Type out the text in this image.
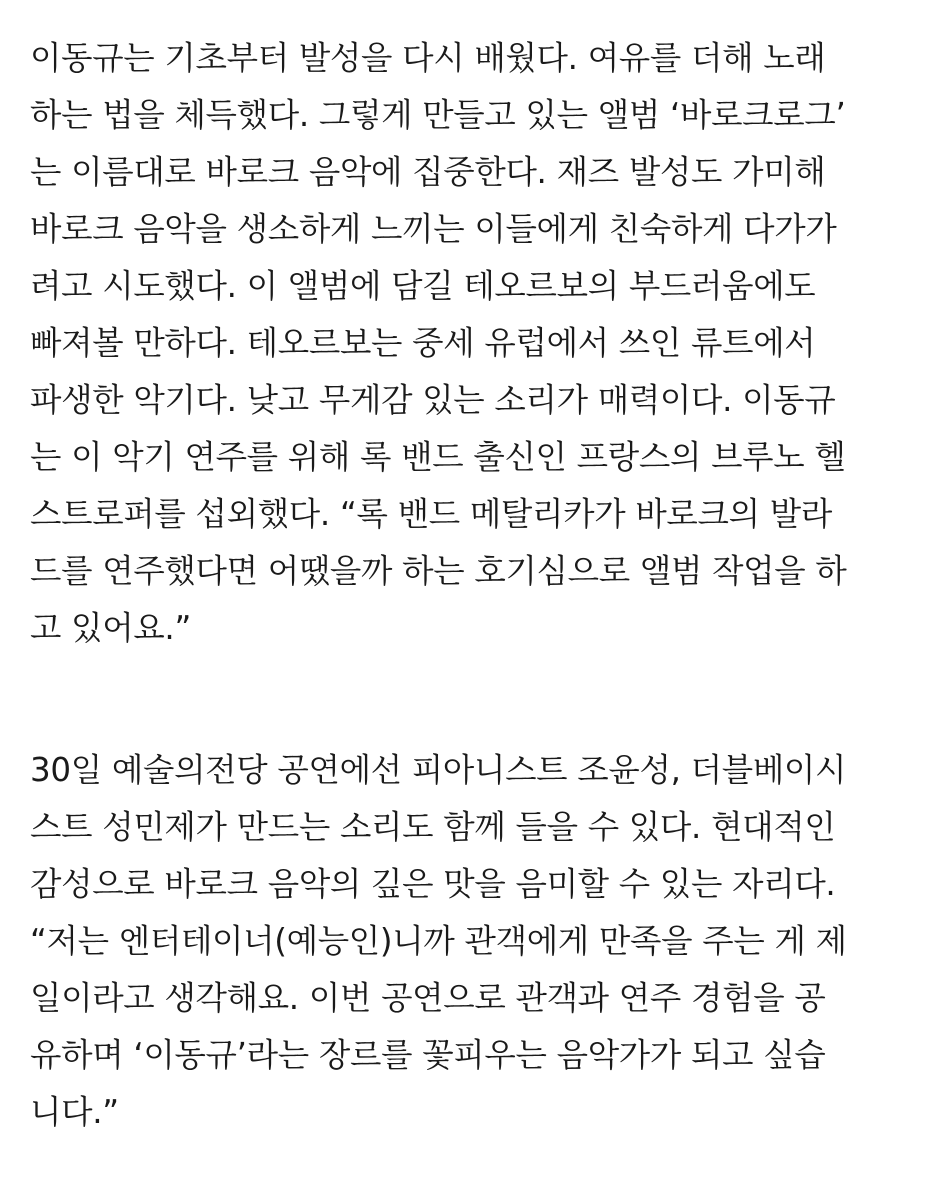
이동규는 기초부터 발성을 다시 배웠다. 여유를 더해 노래
하는 법을 체득했다. 그렇게 만들고 있는 앨범 ‘바로크로그’
는 이름대로 바로크 음악에 집중한다. 재즈 발성도 가미해
바로크 음악을 생소하게 느끼는 이들에게 친숙하게 다가가
려고 시도했다. 이 앨범에 담길 테오르보의 부드러움에도
빠져볼 만하다. 테오르보는 중세 유럽에서 쓰인 류트에서
파생한 악기다. 낮고 무게감 있는 소리가 매력이다. 이동규
는 이 악기 연주를 위해 록 밴드 출신인 프랑스의 브루노 헬
스트로퍼를 섭외했다. “록 밴드 메탈리카가 바로크의 발라
드를 연주했다면 어땠을까 하는 호기심으로 앨범 작업을 하
고 있어요.”
30일 예술의전당 공연에선 피아니스트 조윤성, 더블베이시
스트 성민제가 만드는 소리도 함께 들을 수 있다. 현대적인
감성으로 바로크 음악의 깊은 맛을 음미할 수 있는 자리다.
“저는 엔터테이너(예능인)니까 관객에게 만족을 주는 게 제
일이라고 생각해요. 이번 공연으로 관객과 연주 경험을 공
유하며 ‘이동규’라는 장르를 꽃피우는 음악가가 되고 싶습
니다.”
